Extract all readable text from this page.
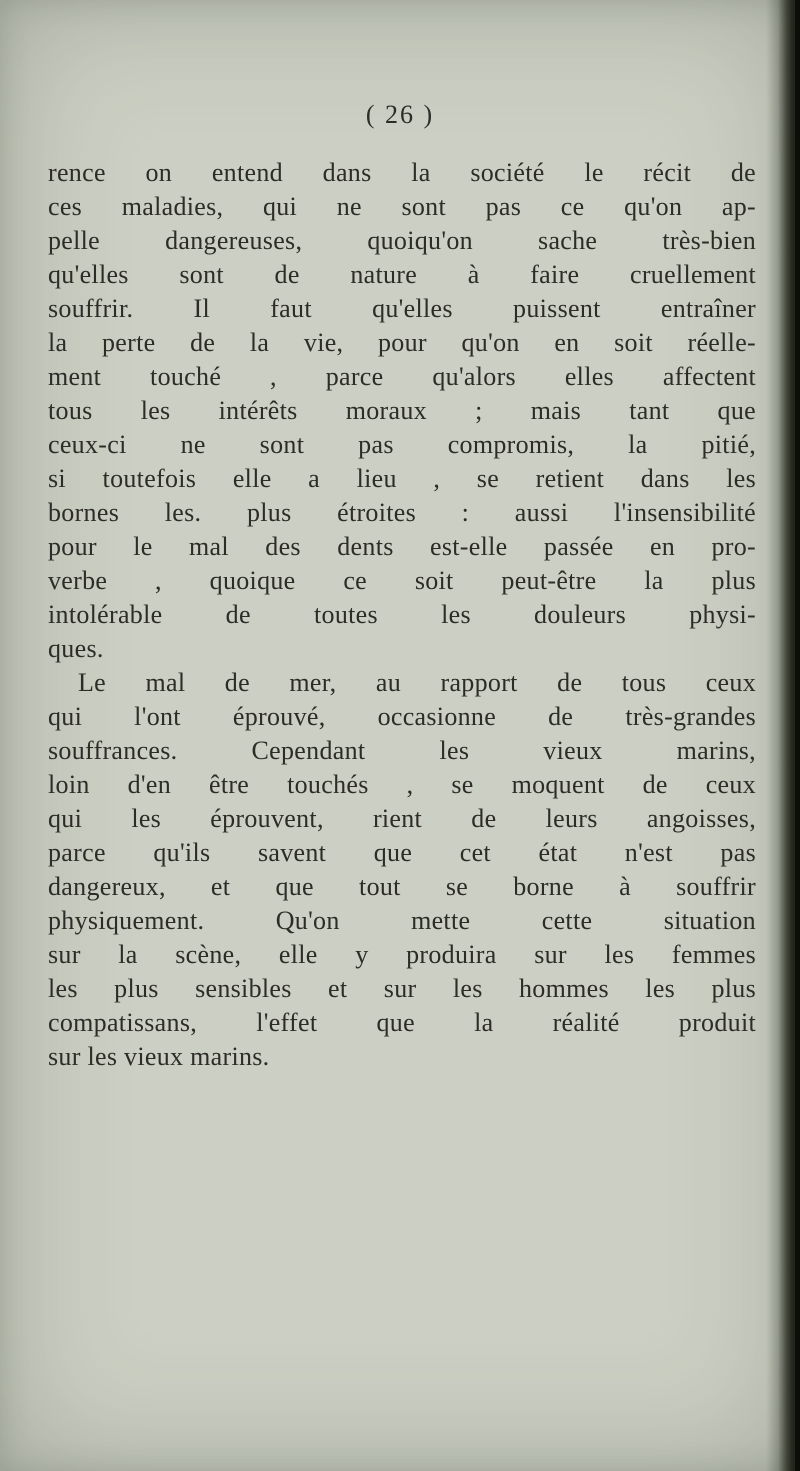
( 26 )
rence on entend dans la société le récit de
ces maladies, qui ne sont pas ce qu'on ap-
pelle dangereuses, quoiqu'on sache très-bien
qu'elles sont de nature à faire cruellement
souffrir. Il faut qu'elles puissent entraîner
la perte de la vie, pour qu'on en soit réelle-
ment touché , parce qu'alors elles affectent
tous les intérêts moraux ; mais tant que
ceux-ci ne sont pas compromis, la pitié,
si toutefois elle a lieu , se retient dans les
bornes les. plus étroites : aussi l'insensibilité
pour le mal des dents est-elle passée en pro-
verbe , quoique ce soit peut-être la plus
intolérable de toutes les douleurs physi-
ques.
Le mal de mer, au rapport de tous ceux
qui l'ont éprouvé, occasionne de très-grandes
souffrances. Cependant les vieux marins,
loin d'en être touchés , se moquent de ceux
qui les éprouvent, rient de leurs angoisses,
parce qu'ils savent que cet état n'est pas
dangereux, et que tout se borne à souffrir
physiquement. Qu'on mette cette situation
sur la scène, elle y produira sur les femmes
les plus sensibles et sur les hommes les plus
compatissans, l'effet que la réalité produit
sur les vieux marins.
